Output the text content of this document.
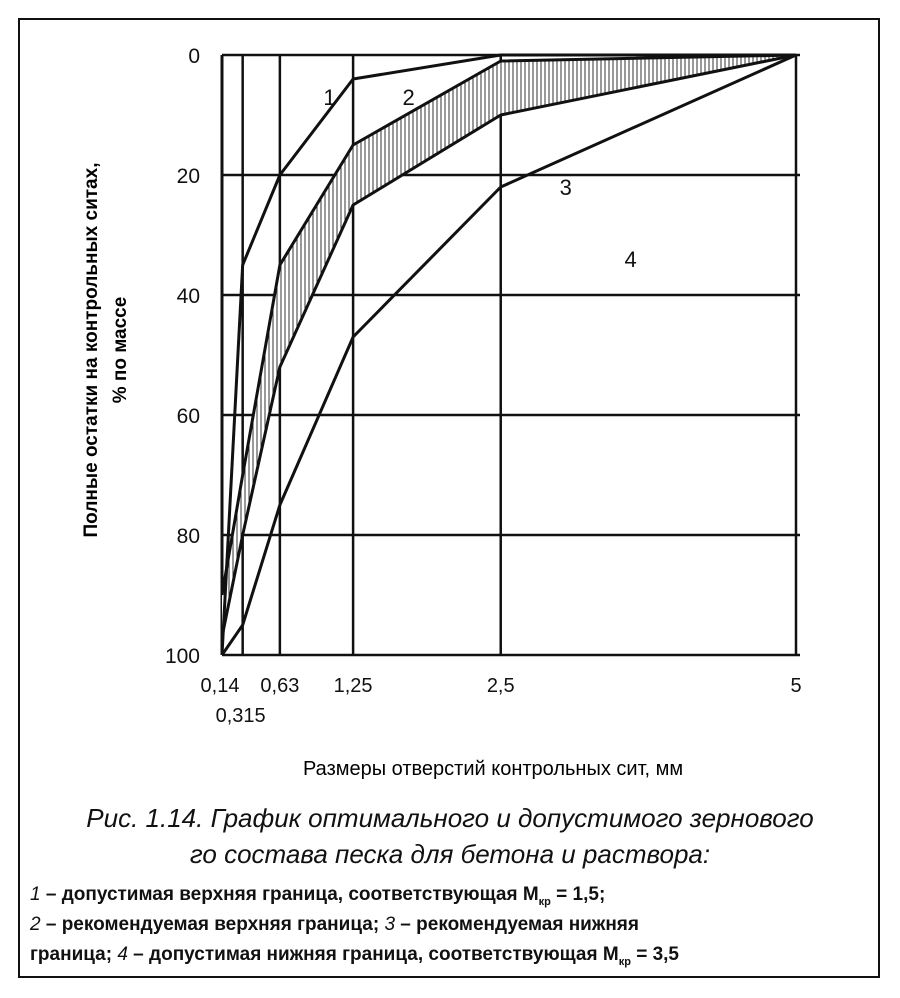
1	2
3
4
0
20
40
60
80
100
0,14
0,315
0,63 1,25	2,5	5
Полные остатки на контрольных ситах, % по массе
Размеры отверстий контрольных сит, мм
Рис. 1.14. График оптимального и допустимого зернового
го состава песка для бетона и раствора:
1 – допустимая верхняя граница, соответствующая $М_{кр} = 1,5$;
2 – рекомендуемая верхняя граница; 3 – рекомендуемая нижняя
граница; 4 – допустимая нижняя граница, соответствующая $М_{кр} = 3,5$
